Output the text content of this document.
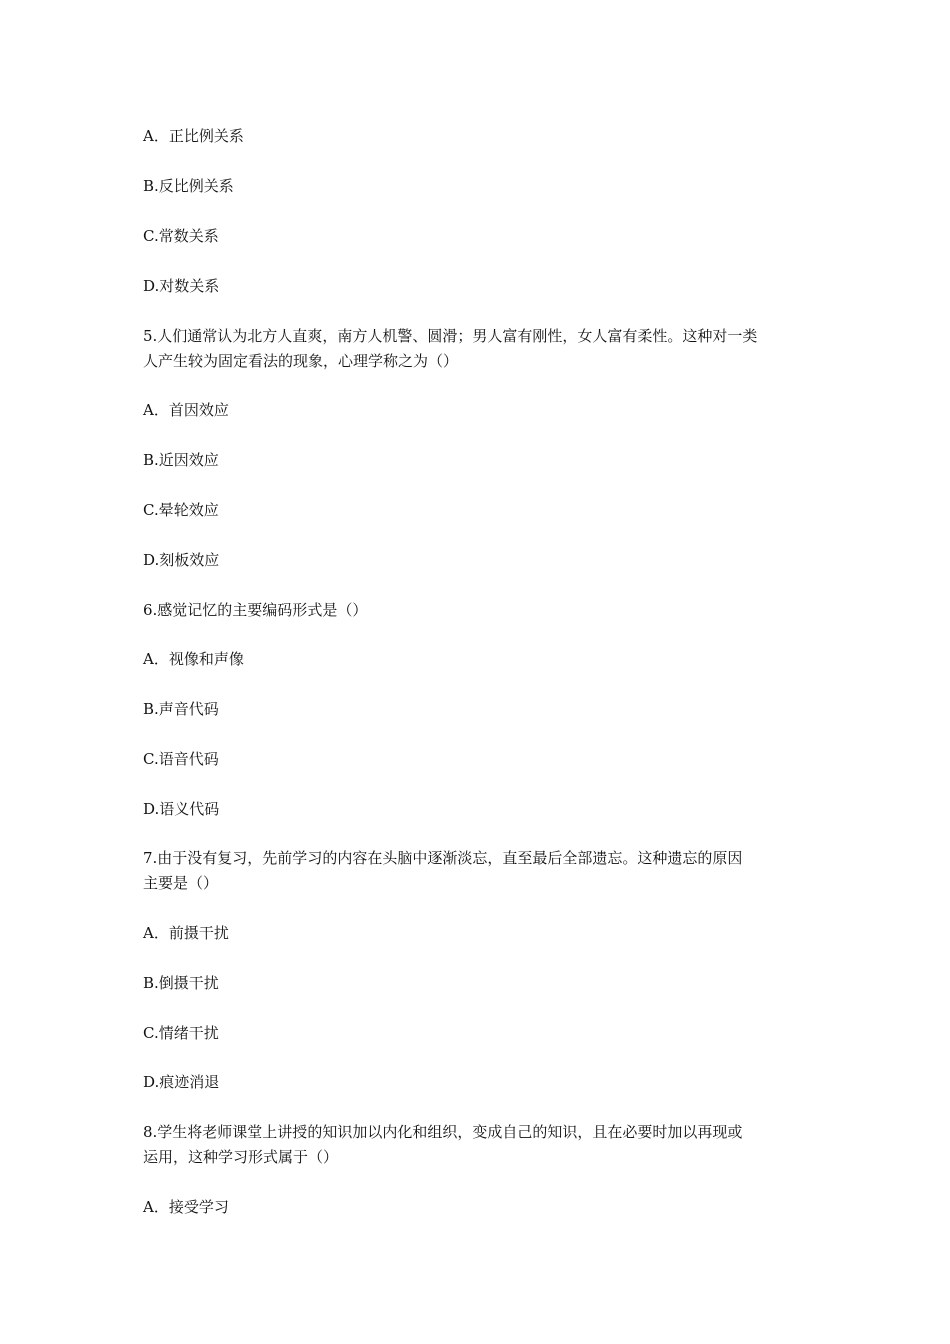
A．正比例关系
B.反比例关系
C.常数关系
D.对数关系
5.人们通常认为北方人直爽，南方人机警、圆滑；男人富有刚性，女人富有柔性。这种对一类
人产生较为固定看法的现象，心理学称之为（）
A．首因效应
B.近因效应
C.晕轮效应
D.刻板效应
6.感觉记忆的主要编码形式是（）
A．视像和声像
B.声音代码
C.语音代码
D.语义代码
7.由于没有复习，先前学习的内容在头脑中逐渐淡忘，直至最后全部遗忘。这种遗忘的原因
主要是（）
A．前摄干扰
B.倒摄干扰
C.情绪干扰
D.痕迹消退
8.学生将老师课堂上讲授的知识加以内化和组织，变成自己的知识，且在必要时加以再现或
运用，这种学习形式属于（）
A．接受学习
